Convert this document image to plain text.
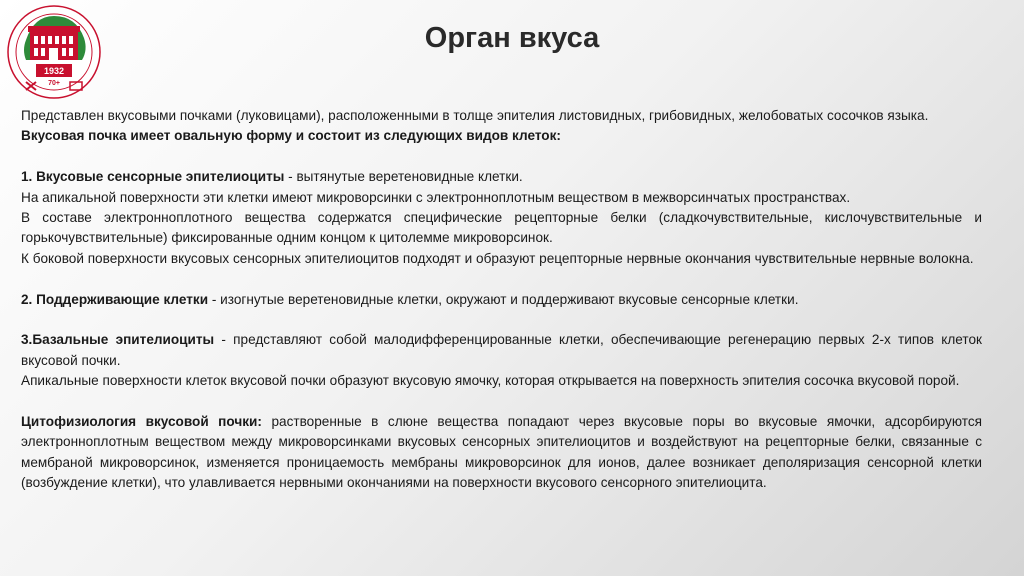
1932
70+
Орган вкуса

Представлен вкусовыми почками (луковицами), расположенными в толще эпителия листовидных, грибовидных, желобоватых сосочков языка.

Вкусовая почка имеет овальную форму и состоит из следующих видов клеток:

1. Вкусовые сенсорные эпителиоциты - вытянутые веретеновидные клетки.

На апикальной поверхности эти клетки имеют микроворсинки с электронноплотным веществом в межворсинчатых пространствах.

В составе электронноплотного вещества содержатся специфические рецепторные белки (сладкочувствительные, кислочувствительные и горькочувствительные) фиксированные одним концом к цитолемме микроворсинок.

К боковой поверхности вкусовых сенсорных эпителиоцитов подходят и образуют рецепторные нервные окончания чувствительные нервные волокна.

2. Поддерживающие клетки - изогнутые веретеновидные клетки, окружают и поддерживают вкусовые сенсорные клетки.

3.Базальные эпителиоциты - представляют собой малодифференцированные клетки, обеспечивающие регенерацию первых 2-х типов клеток вкусовой почки.

Апикальные поверхности клеток вкусовой почки образуют вкусовую ямочку, которая открывается на поверхность эпителия сосочка вкусовой порой.

Цитофизиология вкусовой почки: растворенные в слюне вещества попадают через вкусовые поры во вкусовые ямочки, адсорбируются электронноплотным веществом между микроворсинками вкусовых сенсорных эпителиоцитов и воздействуют на рецепторные белки, связанные с мембраной микроворсинок, изменяется проницаемость мембраны микроворсинок для ионов, далее возникает деполяризация сенсорной клетки (возбуждение клетки), что улавливается нервными окончаниями на поверхности вкусового сенсорного эпителиоцита.
